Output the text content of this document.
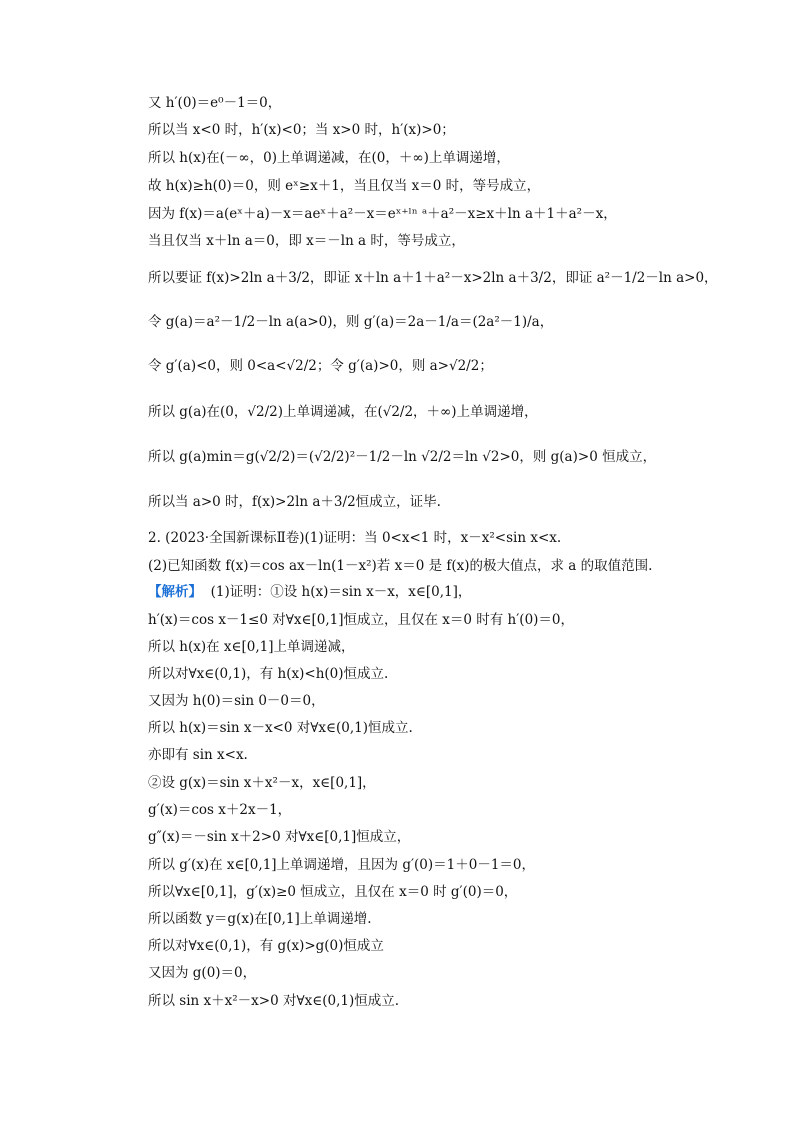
又 h′(0)＝e⁰－1＝0，
所以当 x<0 时，h′(x)<0；当 x>0 时，h′(x)>0；
所以 h(x)在(－∞，0)上单调递减，在(0，＋∞)上单调递增，
故 h(x)≥h(0)＝0，则 eˣ≥x＋1，当且仅当 x＝0 时，等号成立，
因为 f(x)＝a(eˣ＋a)－x＝aeˣ＋a²－x＝eˣ⁺ˡⁿ ᵃ＋a²－x≥x＋ln a＋1＋a²－x，
当且仅当 x＋ln a＝0，即 x＝－ln a 时，等号成立，
所以要证 f(x)>2ln a＋3/2，即证 x＋ln a＋1＋a²－x>2ln a＋3/2，即证 a²－1/2－ln a>0，
令 g(a)＝a²－1/2－ln a(a>0)，则 g′(a)＝2a－1/a＝(2a²－1)/a，
令 g′(a)<0，则 0<a<√2/2；令 g′(a)>0，则 a>√2/2；
所以 g(a)在(0，√2/2)上单调递减，在(√2/2，＋∞)上单调递增，
所以 g(a)min＝g(√2/2)＝(√2/2)²－1/2－ln √2/2＝ln √2>0，则 g(a)>0 恒成立，
所以当 a>0 时，f(x)>2ln a＋3/2恒成立，证毕.
2. (2023·全国新课标Ⅱ卷)(1)证明：当 0<x<1 时，x－x²<sin x<x.
(2)已知函数 f(x)＝cos ax－ln(1－x²)若 x＝0 是 f(x)的极大值点，求 a 的取值范围.
【解析】 (1)证明：①设 h(x)＝sin x－x，x∈[0,1]，
h′(x)＝cos x－1≤0 对∀x∈[0,1]恒成立，且仅在 x＝0 时有 h′(0)＝0，
所以 h(x)在 x∈[0,1]上单调递减，
所以对∀x∈(0,1)，有 h(x)<h(0)恒成立.
又因为 h(0)＝sin 0－0＝0，
所以 h(x)＝sin x－x<0 对∀x∈(0,1)恒成立.
亦即有 sin x<x.
②设 g(x)＝sin x＋x²－x，x∈[0,1]，
g′(x)＝cos x＋2x－1，
g″(x)＝－sin x＋2>0 对∀x∈[0,1]恒成立，
所以 g′(x)在 x∈[0,1]上单调递增，且因为 g′(0)＝1＋0－1＝0，
所以∀x∈[0,1]，g′(x)≥0 恒成立，且仅在 x＝0 时 g′(0)＝0，
所以函数 y＝g(x)在[0,1]上单调递增.
所以对∀x∈(0,1)，有 g(x)>g(0)恒成立
又因为 g(0)＝0，
所以 sin x＋x²－x>0 对∀x∈(0,1)恒成立.
